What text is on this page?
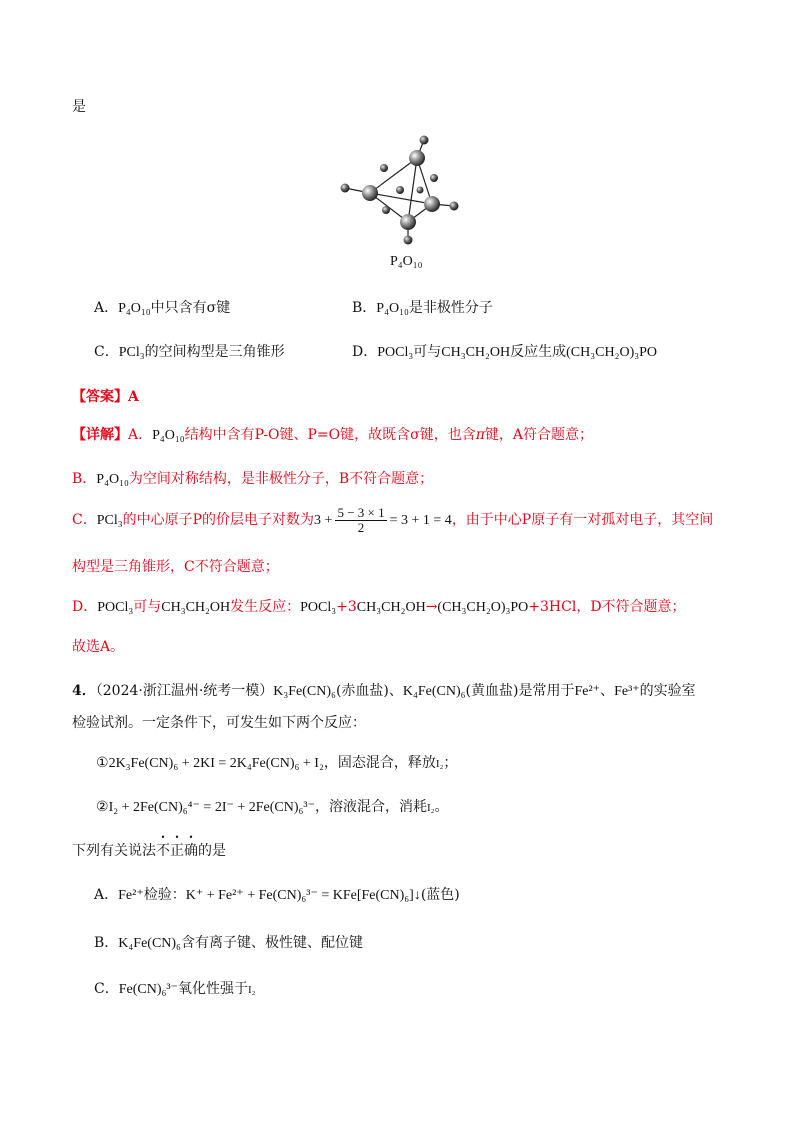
是
P₄O₁₀
A．P₄O₁₀中只含有σ键	B．P₄O₁₀是非极性分子
C．PCl₃的空间构型是三角锥形	D．POCl₃可与CH₃CH₂OH反应生成(CH₃CH₂O)₃PO
【答案】A
【详解】A．P₄O₁₀结构中含有P-O键、P=O键，故既含σ键，也含π键，A符合题意；
B．P₄O₁₀为空间对称结构，是非极性分子，B不符合题意；
C．PCl₃的中心原子P的价层电子对数为$3 + \frac{5 - 3 \times 1}{2} = 3 + 1 = 4$，由于中心P原子有一对孤对电子，其空间
构型是三角锥形，C不符合题意；
D．POCl₃可与CH₃CH₂OH发生反应：POCl₃+3CH₃CH₂OH→(CH₃CH₂O)₃PO+3HCl，D不符合题意；
故选A。
4．（2024·浙江温州·统考一模）K₃Fe(CN)₆(赤血盐)、K₄Fe(CN)₆(黄血盐)是常用于Fe²⁺、Fe³⁺的实验室
检验试剂。一定条件下，可发生如下两个反应：
①2K₃Fe(CN)₆ + 2KI = 2K₄Fe(CN)₆ + I₂，固态混合，释放I₂；
②I₂ + 2Fe(CN)₆⁴⁻ = 2I⁻ + 2Fe(CN)₆³⁻，溶液混合，消耗I₂。
下列有关说法不正确的是
A．Fe²⁺检验：K⁺ + Fe²⁺ + Fe(CN)₆³⁻ = KFe[Fe(CN)₆]↓(蓝色)
B．K₄Fe(CN)₆含有离子键、极性键、配位键
C．Fe(CN)₆³⁻氧化性强于I₂
